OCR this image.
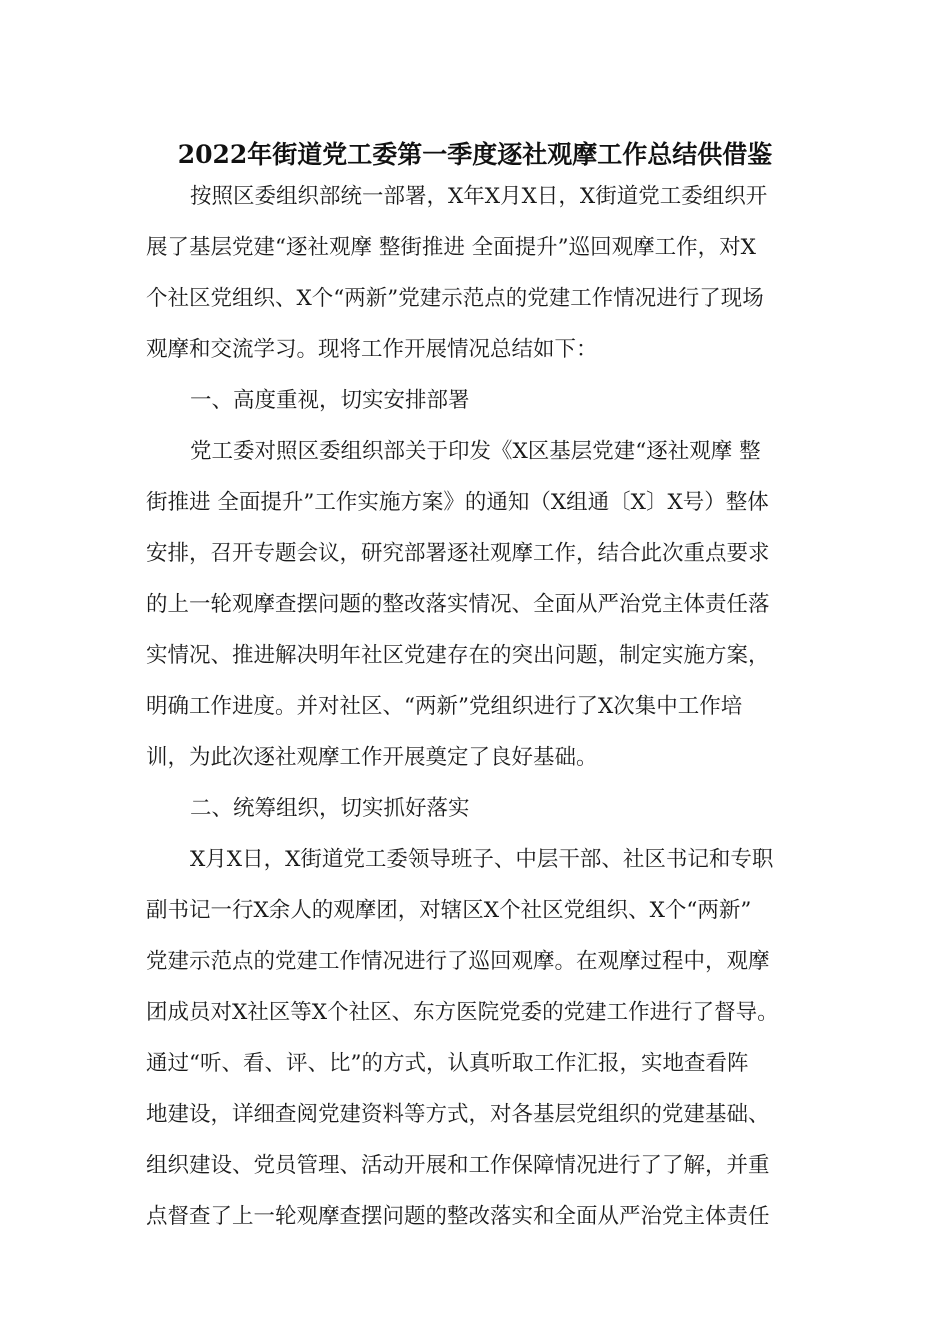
2022年街道党工委第一季度逐社观摩工作总结供借鉴

按照区委组织部统一部署，X年X月X日，X街道党工委组织开

展了基层党建“逐社观摩 整街推进 全面提升”巡回观摩工作，对X

个社区党组织、X个“两新”党建示范点的党建工作情况进行了现场

观摩和交流学习。现将工作开展情况总结如下：

一、高度重视，切实安排部署

党工委对照区委组织部关于印发《X区基层党建“逐社观摩 整

街推进 全面提升”工作实施方案》的通知（X组通〔X〕X号）整体

安排，召开专题会议，研究部署逐社观摩工作，结合此次重点要求

的上一轮观摩查摆问题的整改落实情况、全面从严治党主体责任落

实情况、推进解决明年社区党建存在的突出问题，制定实施方案，

明确工作进度。并对社区、“两新”党组织进行了X次集中工作培

训，为此次逐社观摩工作开展奠定了良好基础。

二、统筹组织，切实抓好落实

X月X日，X街道党工委领导班子、中层干部、社区书记和专职

副书记一行X余人的观摩团，对辖区X个社区党组织、X个“两新”

党建示范点的党建工作情况进行了巡回观摩。在观摩过程中，观摩

团成员对X社区等X个社区、东方医院党委的党建工作进行了督导。

通过“听、看、评、比”的方式，认真听取工作汇报，实地查看阵

地建设，详细查阅党建资料等方式，对各基层党组织的党建基础、

组织建设、党员管理、活动开展和工作保障情况进行了了解，并重

点督查了上一轮观摩查摆问题的整改落实和全面从严治党主体责任
